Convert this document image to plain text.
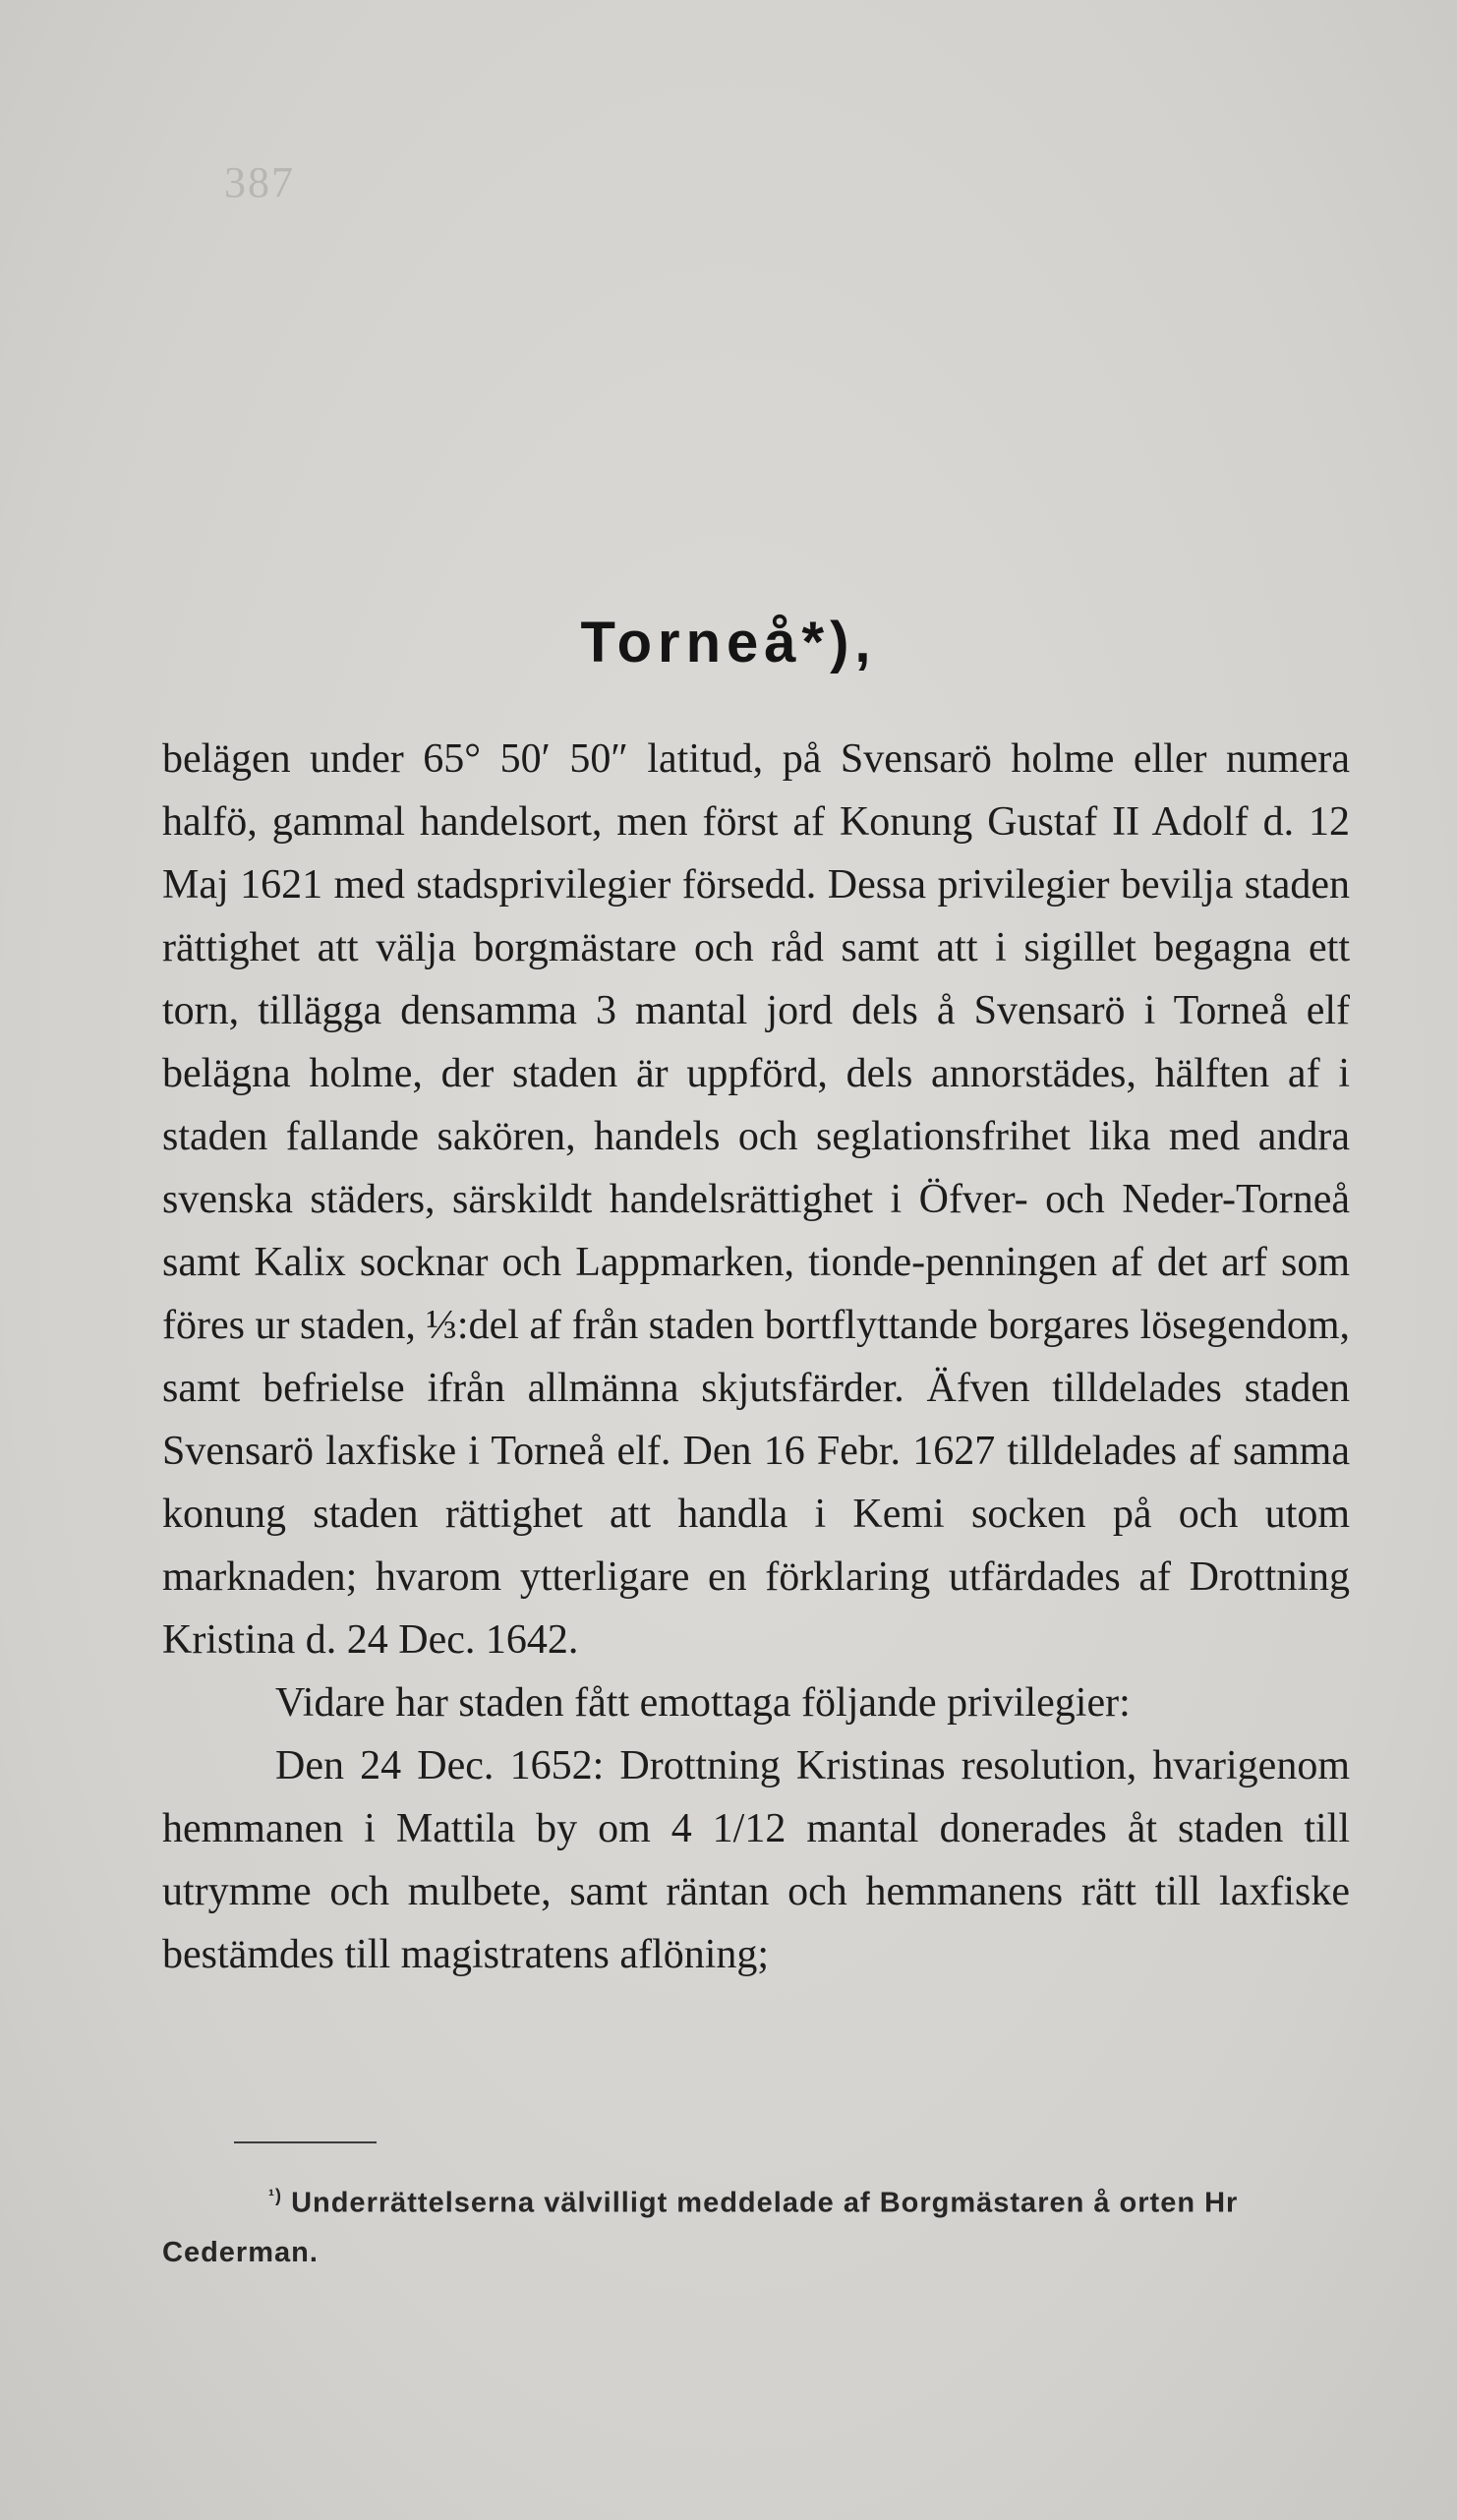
387
Torneå*),

belägen under 65° 50′ 50″ latitud, på Svensarö holme eller numera halfö, gammal handelsort, men först af Konung Gustaf II Adolf d. 12 Maj 1621 med stadsprivilegier försedd. Dessa privilegier bevilja staden rättighet att välja borgmästare och råd samt att i sigillet begagna ett torn, tillägga densamma 3 mantal jord dels å Svensarö i Torneå elf belägna holme, der staden är uppförd, dels annorstädes, hälften af i staden fallande sakören, handels och seglationsfrihet lika med andra svenska städers, särskildt handelsrättighet i Öfver- och Neder-Torneå samt Kalix socknar och Lappmarken, tionde-penningen af det arf som föres ur staden, ⅓:del af från staden bortflyttande borgares lösegendom, samt befrielse ifrån allmänna skjutsfärder. Äfven tilldelades staden Svensarö laxfiske i Torneå elf. Den 16 Febr. 1627 tilldelades af samma konung staden rättighet att handla i Kemi socken på och utom marknaden; hvarom ytterligare en förklaring utfärdades af Drottning Kristina d. 24 Dec. 1642.

Vidare har staden fått emottaga följande privilegier:

Den 24 Dec. 1652: Drottning Kristinas resolution, hvarigenom hemmanen i Mattila by om 4 1/12 mantal donerades åt staden till utrymme och mulbete, samt räntan och hemmanens rätt till laxfiske bestämdes till magistratens aflöning;

$^{^1)}$ Underrättelserna välvilligt meddelade af Borgmästaren å orten Hr Cederman.
